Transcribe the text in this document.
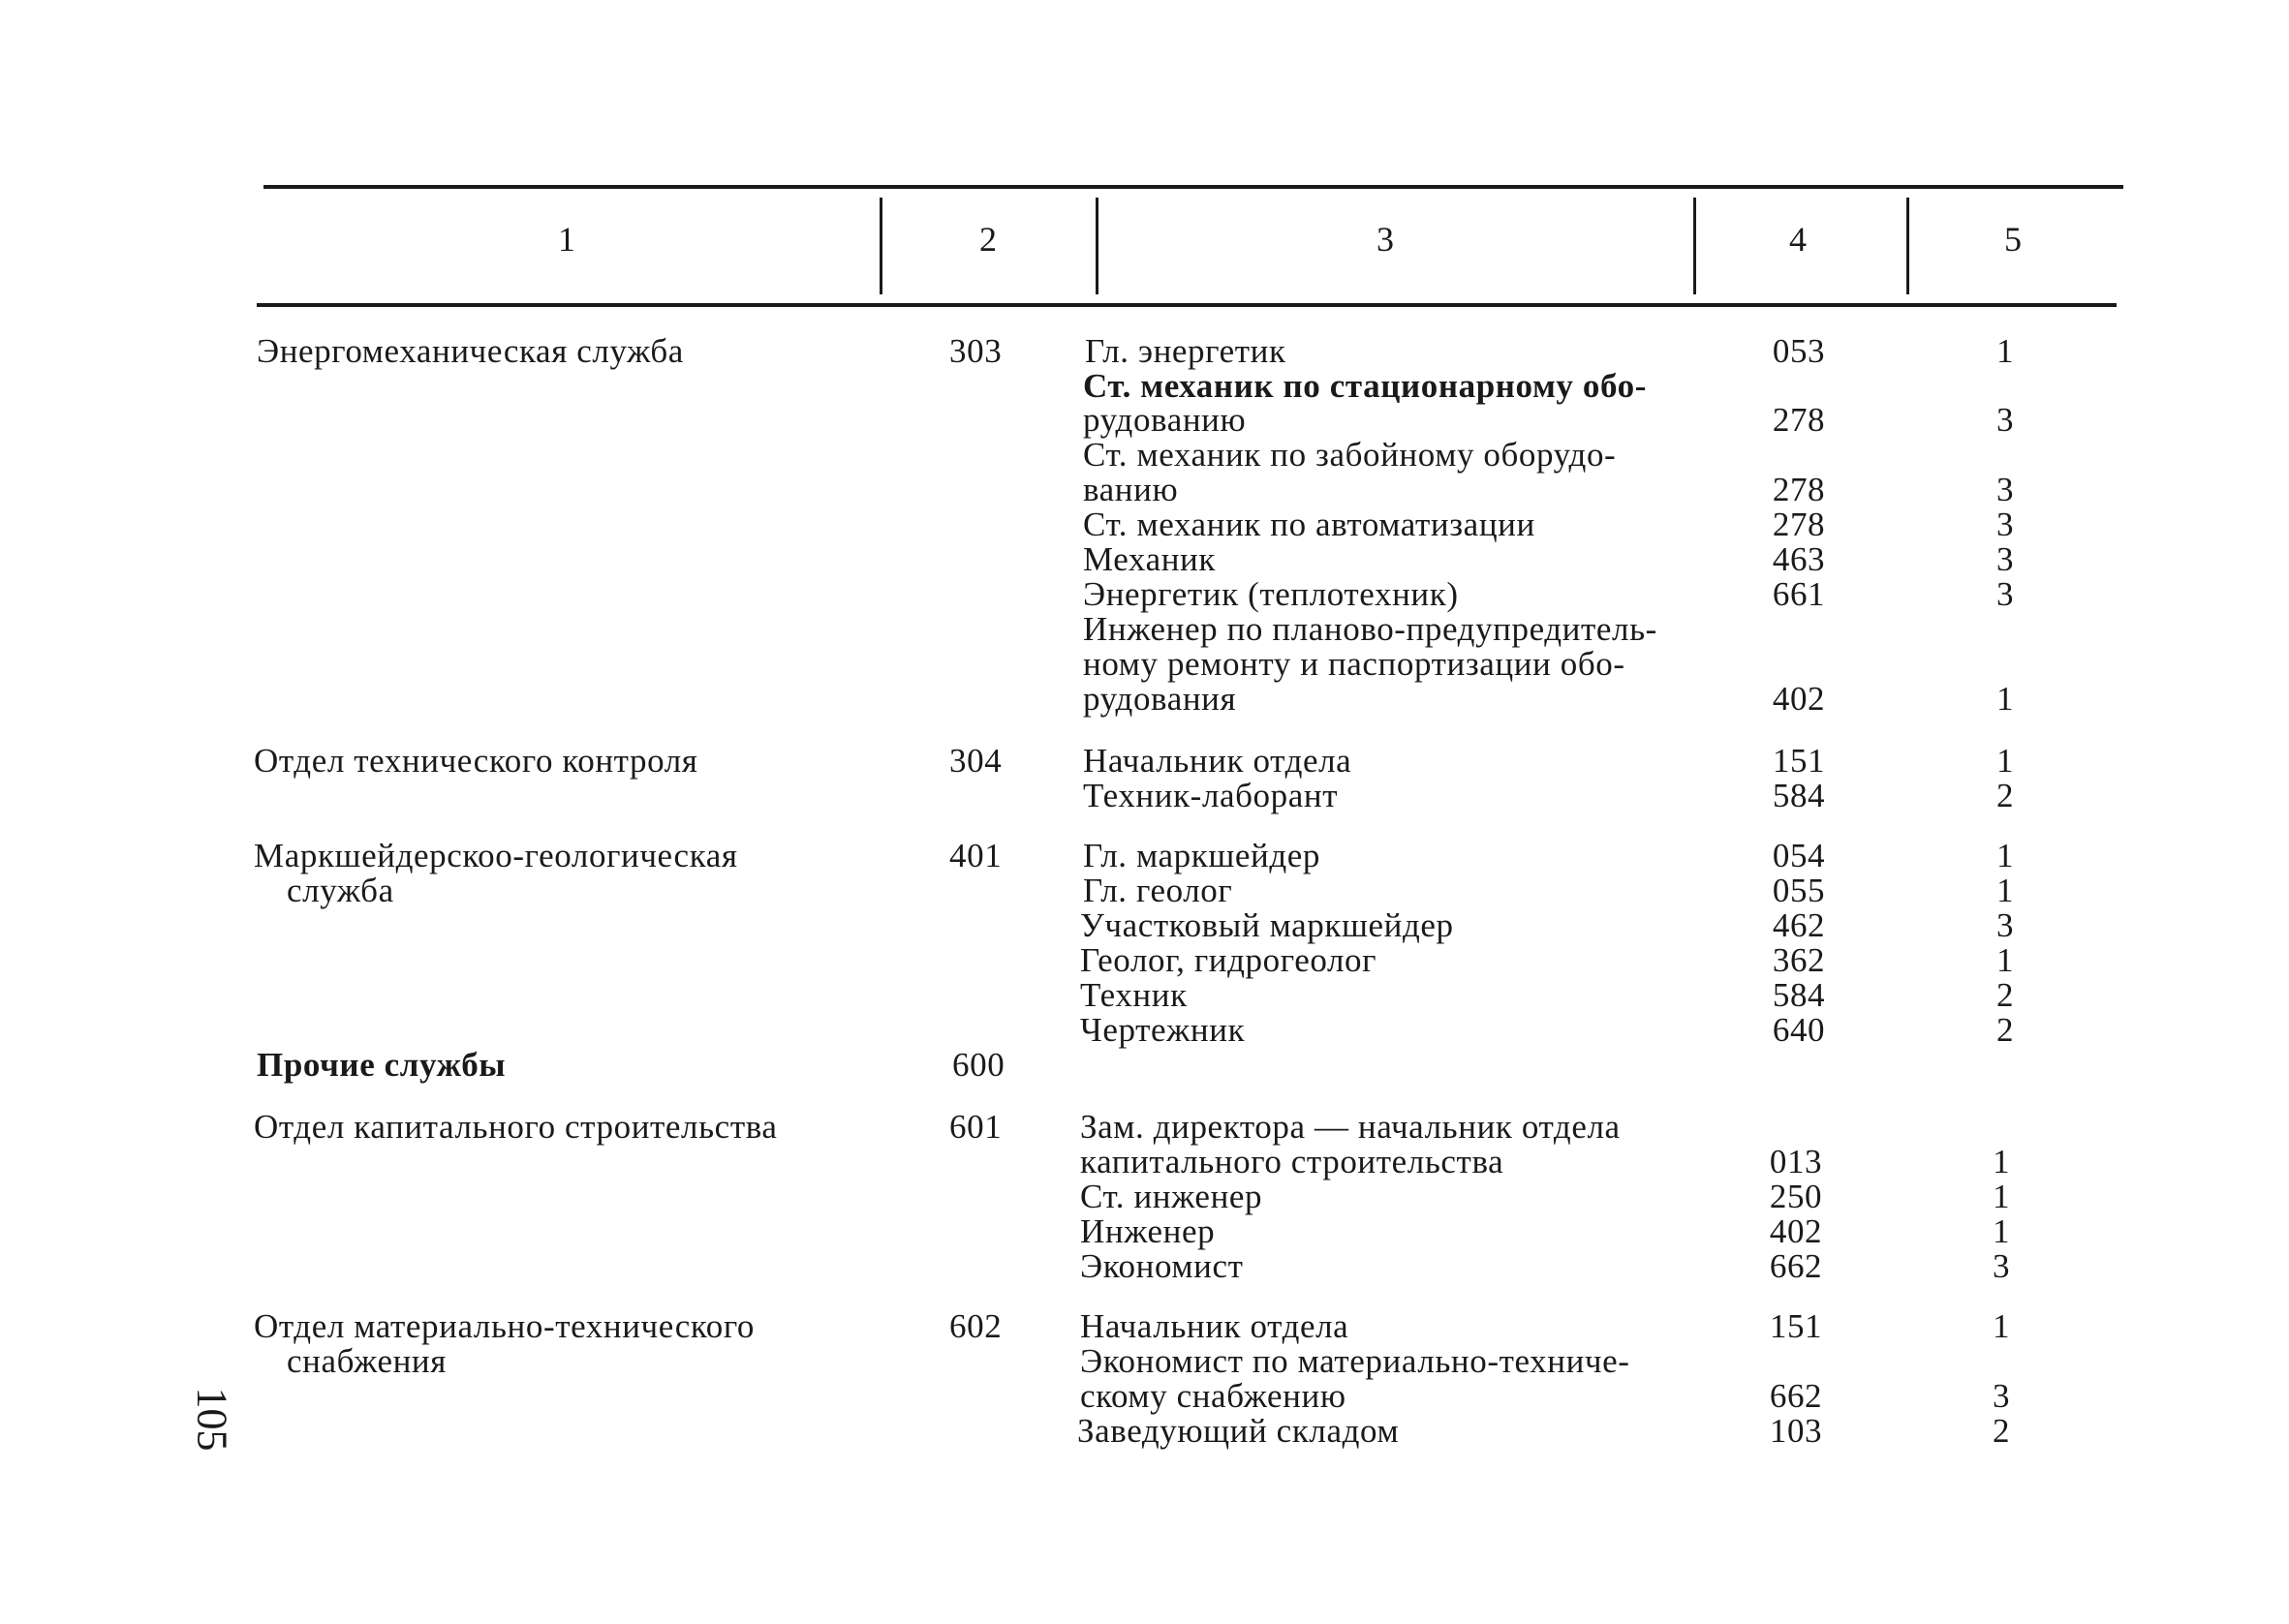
1	2	3	4	5
Энергомеханическая служба	303	Гл. энергетик	053	1
Ст. механик по стационарному обо-
рудованию	278	3
Ст. механик по забойному оборудо-
ванию	278	3
Ст. механик по автоматизации	278	3
Механик	463	3
Энергетик (теплотехник)	661	3
Инженер по планово-предупредитель-
ному ремонту и паспортизации обо-
рудования	402	1
Отдел технического контроля	304	Начальник отдела	151	1
Техник-лаборант	584	2
Маркшейдерскоо-геологическая
служба
401	Гл. маркшейдер	054	1
Гл. геолог	055	1
Участковый маркшейдер	462	3
Геолог, гидрогеолог	362	1
Техник	584	2
Чертежник	640	2
Прочие службы	600
Отдел капитального строительства	601	Зам. директора — начальник отдела
капитального строительства	013	1
Ст. инженер	250	1
Инженер	402	1
Экономист	662	3
Отдел материально-технического
снабжения
602	Начальник отдела	151	1
Экономист по материально-техниче-
скому снабжению	662	3
Заведующий складом	103	2
105
